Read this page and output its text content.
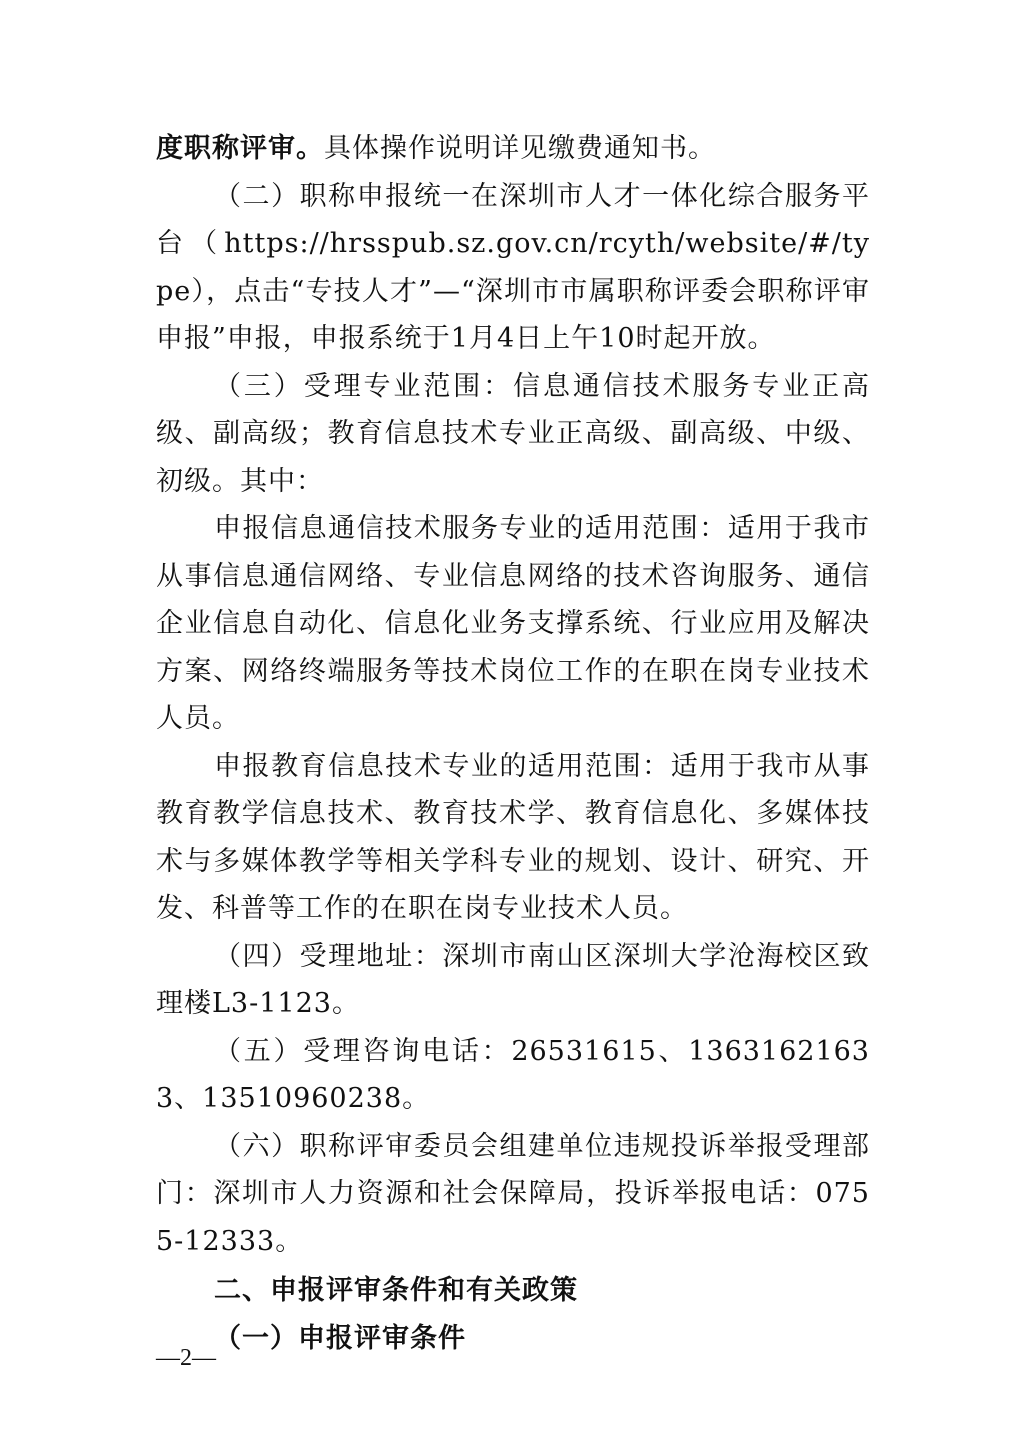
度职称评审。具体操作说明详见缴费通知书。

（二）职称申报统一在深圳市人才一体化综合服务平台（https://hrsspub.sz.gov.cn/rcyth/website/#/type），点击“专技人才”—“深圳市市属职称评委会职称评审申报”申报，申报系统于1月4日上午10时起开放。

（三）受理专业范围：信息通信技术服务专业正高级、副高级；教育信息技术专业正高级、副高级、中级、初级。其中：

申报信息通信技术服务专业的适用范围：适用于我市从事信息通信网络、专业信息网络的技术咨询服务、通信企业信息自动化、信息化业务支撑系统、行业应用及解决方案、网络终端服务等技术岗位工作的在职在岗专业技术人员。

申报教育信息技术专业的适用范围：适用于我市从事教育教学信息技术、教育技术学、教育信息化、多媒体技术与多媒体教学等相关学科专业的规划、设计、研究、开发、科普等工作的在职在岗专业技术人员。

（四）受理地址：深圳市南山区深圳大学沧海校区致理楼L3-1123。

（五）受理咨询电话：26531615、13631621633、13510960238。

（六）职称评审委员会组建单位违规投诉举报受理部门：深圳市人力资源和社会保障局，投诉举报电话：0755-12333。

二、申报评审条件和有关政策

（一）申报评审条件

—2—
